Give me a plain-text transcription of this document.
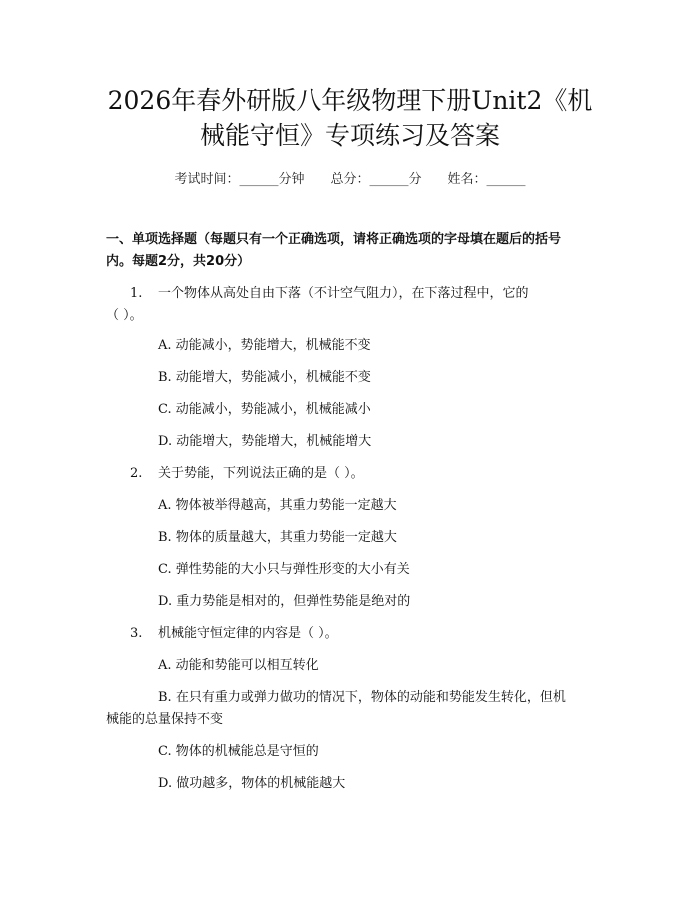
2026年春外研版八年级物理下册Unit2《机
械能守恒》专项练习及答案
考试时间：______分钟 总分：______分 姓名：______
一、单项选择题（每题只有一个正确选项，请将正确选项的字母填在题后的括号
内。每题2分，共20分）
1. 一个物体从高处自由下落（不计空气阻力），在下落过程中，它的
（ ）。
A. 动能减小，势能增大，机械能不变
B. 动能增大，势能减小，机械能不变
C. 动能减小，势能减小，机械能减小
D. 动能增大，势能增大，机械能增大
2. 关于势能，下列说法正确的是（ ）。
A. 物体被举得越高，其重力势能一定越大
B. 物体的质量越大，其重力势能一定越大
C. 弹性势能的大小只与弹性形变的大小有关
D. 重力势能是相对的，但弹性势能是绝对的
3. 机械能守恒定律的内容是（ ）。
A. 动能和势能可以相互转化
B. 在只有重力或弹力做功的情况下，物体的动能和势能发生转化，但机
械能的总量保持不变
C. 物体的机械能总是守恒的
D. 做功越多，物体的机械能越大
